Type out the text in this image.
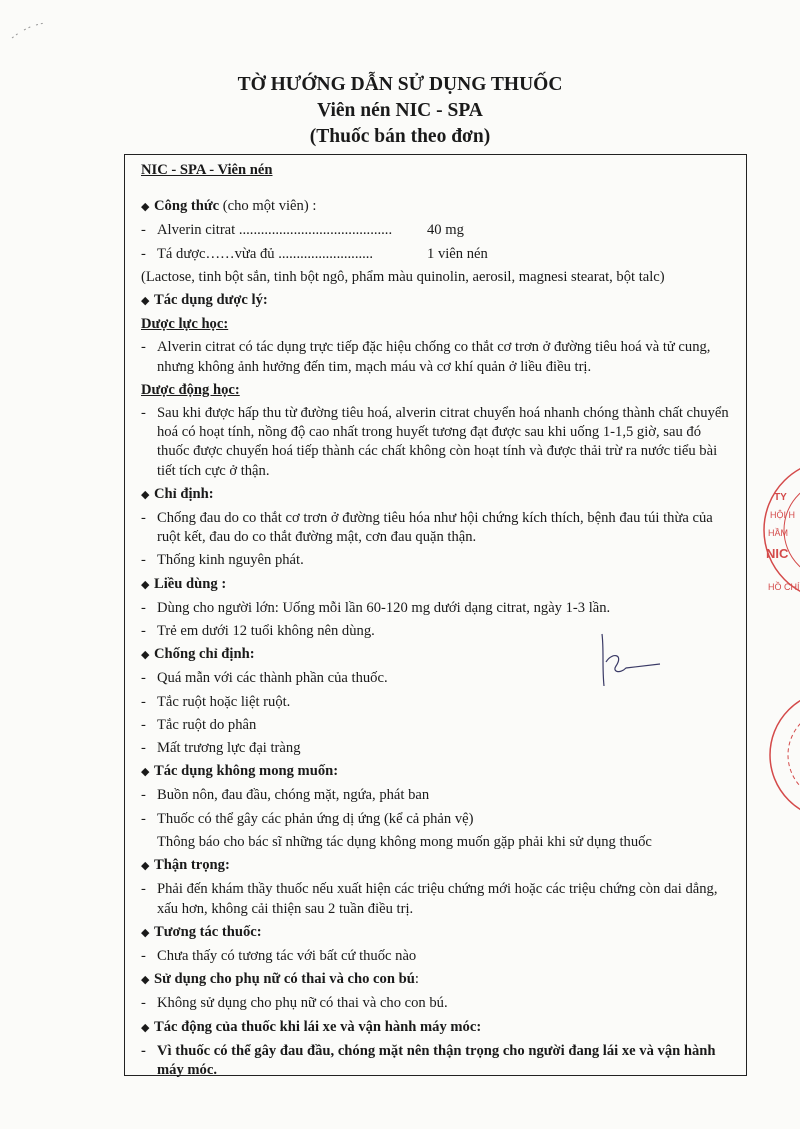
TỜ HƯỚNG DẪN SỬ DỤNG THUỐC
Viên nén NIC - SPA
(Thuốc bán theo đơn)
NIC - SPA - Viên nén
◆ Công thức
(cho một viên) :
- Alverin citrat ..........................................	40 mg
- Tá dược……vừa đủ ..........................	1 viên nén
(Lactose, tinh bột sắn, tinh bột ngô, phẩm màu quinolin, aerosil, magnesi stearat, bột talc)
◆ Tác dụng dược lý :
Dược lực học:
- Alverin citrat có tác dụng trực tiếp đặc hiệu chống co thắt cơ trơn ở đường tiêu hoá và tử cung, nhưng không ảnh hưởng đến tim, mạch máu và cơ khí quản ở liều điều trị.
Dược động học:
- Sau khi được hấp thu từ đường tiêu hoá, alverin citrat chuyển hoá nhanh chóng thành chất chuyển hoá có hoạt tính, nồng độ cao nhất trong huyết tương đạt được sau khi uống 1-1,5 giờ, sau đó thuốc được chuyển hoá tiếp thành các chất không còn hoạt tính và được thải trừ ra nước tiểu bài tiết tích cực ở thận.
◆ Chỉ định:
- Chống đau do co thắt cơ trơn ở đường tiêu hóa như hội chứng kích thích, bệnh đau túi thừa của ruột kết, đau do co thắt đường mật, cơn đau quặn thận.
- Thống kinh nguyên phát.
◆ Liều dùng :
- Dùng cho người lớn: Uống mỗi lần 60-120 mg dưới dạng citrat, ngày 1-3 lần.
- Trẻ em dưới 12 tuổi không nên dùng.
◆ Chống chỉ định:
- Quá mẫn với các thành phần của thuốc.
- Tắc ruột hoặc liệt ruột.
- Tắc ruột do phân
- Mất trương lực đại tràng
◆ Tác dụng không mong muốn:
- Buồn nôn, đau đầu, chóng mặt, ngứa, phát ban
- Thuốc có thể gây các phản ứng dị ứng (kể cả phản vệ)
Thông báo cho bác sĩ những tác dụng không mong muốn gặp phải khi sử dụng thuốc
◆ Thận trọng:
- Phải đến khám thầy thuốc nếu xuất hiện các triệu chứng mới hoặc các triệu chứng còn dai dẳng, xấu hơn, không cải thiện sau 2 tuần điều trị.
◆ Tương tác thuốc:
- Chưa thấy có tương tác với bất cứ thuốc nào
◆ Sử dụng cho phụ nữ có thai và cho con bú :
- Không sử dụng cho phụ nữ có thai và cho con bú.
◆ Tác động của thuốc khi lái xe và vận hành máy móc:
- Vì thuốc có thể gây đau đầu, chóng mặt nên thận trọng cho người đang lái xe và vận hành máy móc.
TY
HỘI H
HẦM
NIC
HỒ CHÍ
